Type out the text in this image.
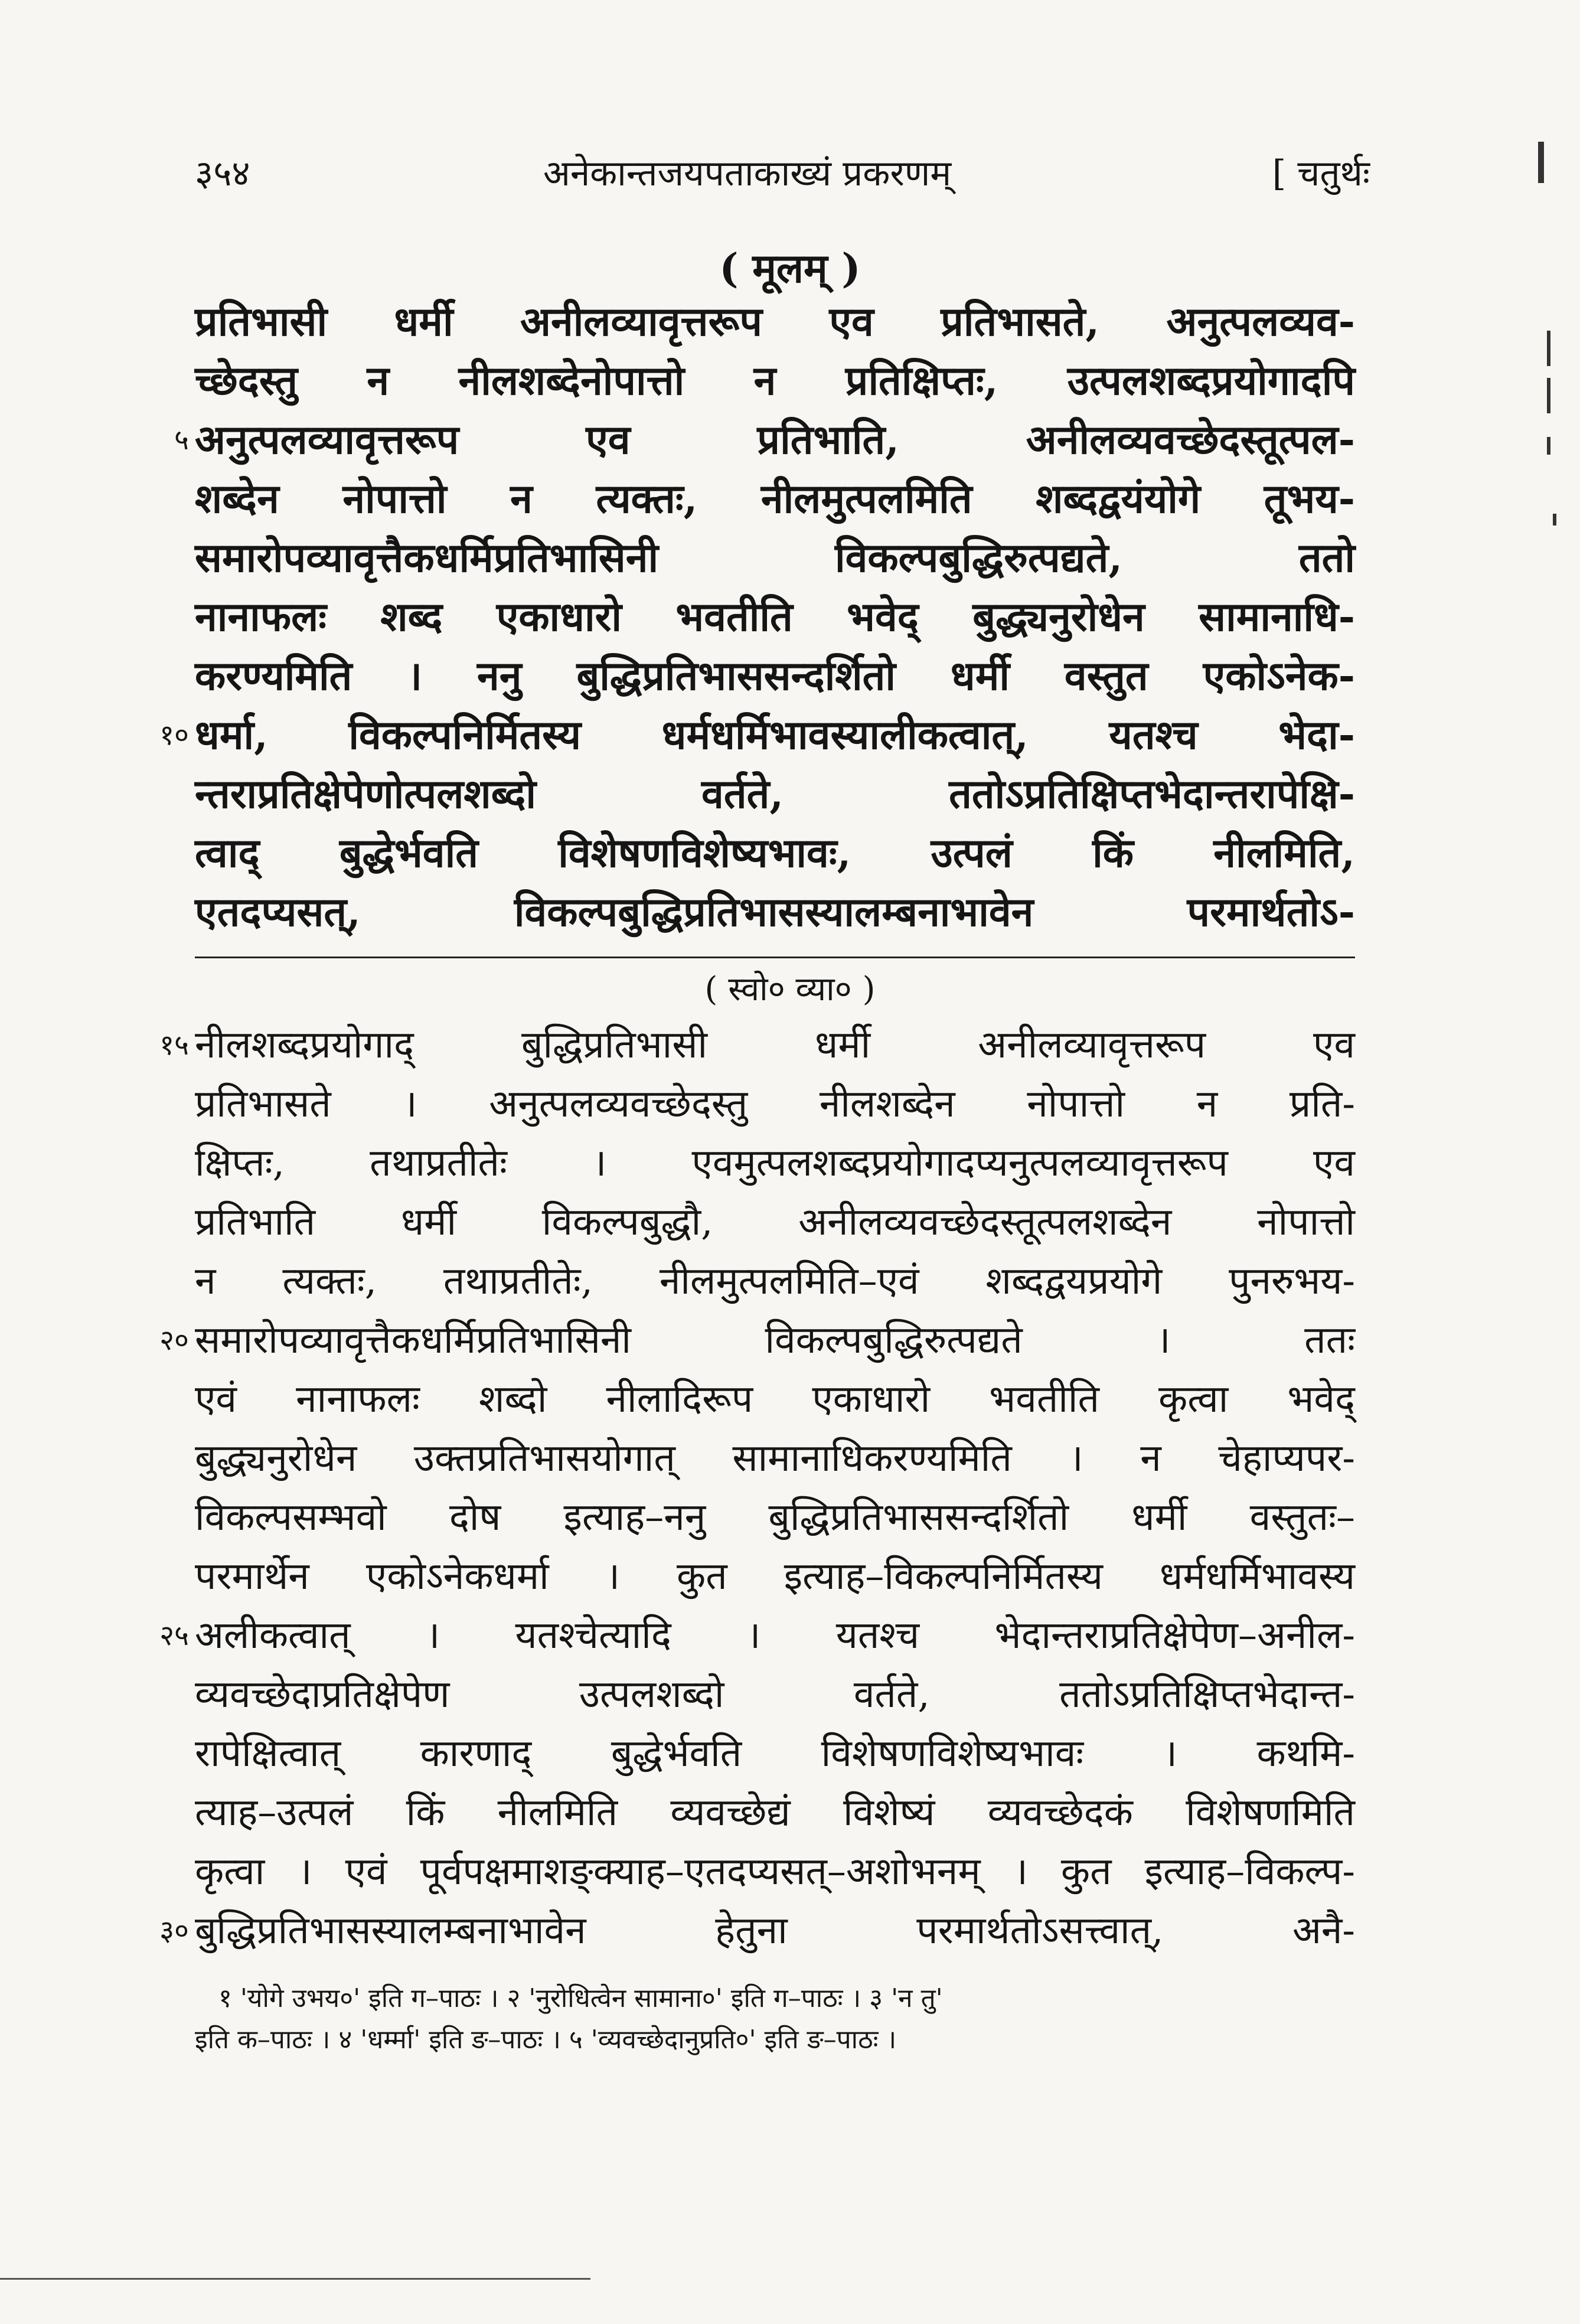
३५४	अनेकान्तजयपताकाख्यं प्रकरणम्	[ चतुर्थः
( मूलम् )
प्रतिभासी धर्मी अनीलव्यावृत्तरूप एव प्रतिभासते, अनुत्पलव्यव-
च्छेदस्तु न नीलशब्देनोपात्तो न प्रतिक्षिप्तः, उत्पलशब्दप्रयोगादपि
५ अनुत्पलव्यावृत्तरूप एव प्रतिभाति, अनीलव्यवच्छेदस्तूत्पल-
शब्देन नोपात्तो न त्यक्तः, नीलमुत्पलमिति शब्दद्वयंयोगे तूभय-
समारोपव्यावृत्तैकधर्मिप्रतिभासिनी विकल्पबुद्धिरुत्पद्यते, ततो
नानाफलः शब्द एकाधारो भवतीति भवेद् बुद्ध्यनुरोधेन सामानाधि-
करण्यमिति । ननु बुद्धिप्रतिभाससन्दर्शितो धर्मी वस्तुत एकोऽनेक-
१० धर्मा, विकल्पनिर्मितस्य धर्मधर्मिभावस्यालीकत्वात्, यतश्च भेदा-
न्तराप्रतिक्षेपेणोत्पलशब्दो वर्तते, ततोऽप्रतिक्षिप्तभेदान्तरापेक्षि-
त्वाद् बुद्धेर्भवति विशेषणविशेष्यभावः, उत्पलं किं नीलमिति,
एतदप्यसत्, विकल्पबुद्धिप्रतिभासस्यालम्बनाभावेन परमार्थतोऽ-
( स्वो० व्या० )
१५ नीलशब्दप्रयोगाद् बुद्धिप्रतिभासी धर्मी अनीलव्यावृत्तरूप एव
प्रतिभासते । अनुत्पलव्यवच्छेदस्तु नीलशब्देन नोपात्तो न प्रति-
क्षिप्तः, तथाप्रतीतेः । एवमुत्पलशब्दप्रयोगादप्यनुत्पलव्यावृत्तरूप एव
प्रतिभाति धर्मी विकल्पबुद्धौ, अनीलव्यवच्छेदस्तूत्पलशब्देन नोपात्तो
न त्यक्तः, तथाप्रतीतेः, नीलमुत्पलमिति–एवं शब्दद्वयप्रयोगे पुनरुभय-
२० समारोपव्यावृत्तैकधर्मिप्रतिभासिनी विकल्पबुद्धिरुत्पद्यते । ततः
एवं नानाफलः शब्दो नीलादिरूप एकाधारो भवतीति कृत्वा भवेद्
बुद्ध्यनुरोधेन उक्तप्रतिभासयोगात् सामानाधिकरण्यमिति । न चेहाप्यपर-
विकल्पसम्भवो दोष इत्याह–ननु बुद्धिप्रतिभाससन्दर्शितो धर्मी वस्तुतः–
परमार्थेन एकोऽनेकधर्मा । कुत इत्याह–विकल्पनिर्मितस्य धर्मधर्मिभावस्य
२५ अलीकत्वात् । यतश्चेत्यादि । यतश्च भेदान्तराप्रतिक्षेपेण–अनील-
व्यवच्छेदाप्रतिक्षेपेण उत्पलशब्दो वर्तते, ततोऽप्रतिक्षिप्तभेदान्त-
रापेक्षित्वात् कारणाद् बुद्धेर्भवति विशेषणविशेष्यभावः । कथमि-
त्याह–उत्पलं किं नीलमिति व्यवच्छेद्यं विशेष्यं व्यवच्छेदकं विशेषणमिति
कृत्वा । एवं पूर्वपक्षमाशङ्क्याह–एतदप्यसत्–अशोभनम् । कुत इत्याह–विकल्प-
३० बुद्धिप्रतिभासस्यालम्बनाभावेन हेतुना परमार्थतोऽसत्त्वात्, अनै-
१ 'योगे उभय०' इति ग–पाठः । २ 'नुरोधित्वेन सामाना०' इति ग–पाठः । ३ 'न तु'
इति क–पाठः । ४ 'धर्म्मा' इति ङ–पाठः । ५ 'व्यवच्छेदानुप्रति०' इति ङ–पाठः ।
